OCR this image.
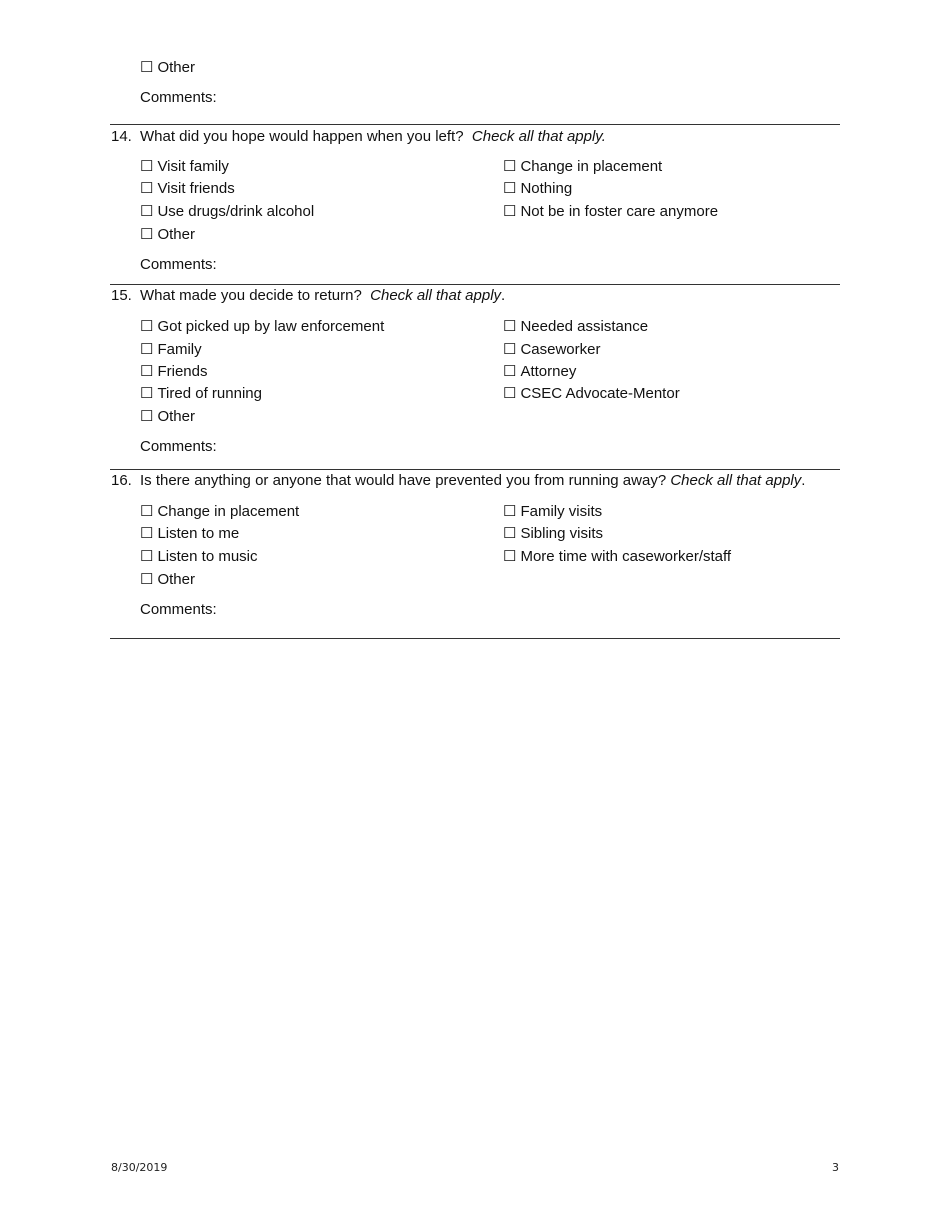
☐ Other
Comments:
14. What did you hope would happen when you left? Check all that apply.
☐ Visit family
☐ Visit friends
☐ Use drugs/drink alcohol
☐ Other
☐ Change in placement
☐ Nothing
☐ Not be in foster care anymore
Comments:
15. What made you decide to return? Check all that apply.
☐ Got picked up by law enforcement
☐ Family
☐ Friends
☐ Tired of running
☐ Other
☐ Needed assistance
☐ Caseworker
☐ Attorney
☐ CSEC Advocate-Mentor
Comments:
16. Is there anything or anyone that would have prevented you from running away? Check all that apply.
☐ Change in placement
☐ Listen to me
☐ Listen to music
☐ Other
☐ Family visits
☐ Sibling visits
☐ More time with caseworker/staff
Comments:
8/30/2019	3
